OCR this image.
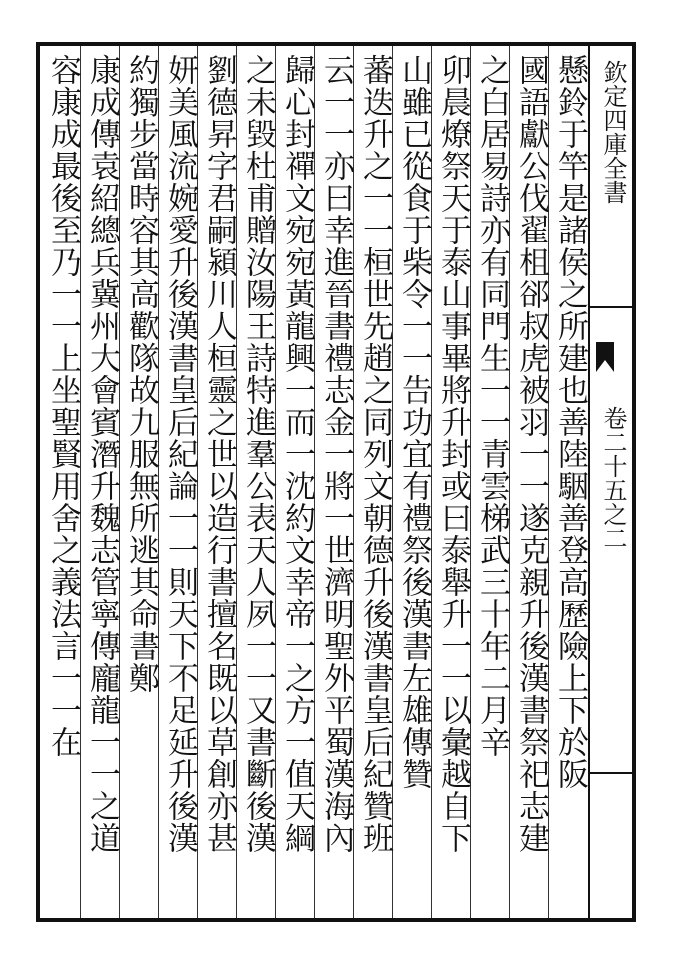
欽定四庫全書
卷二十五之二
懸鈴于竿是諸侯之所建也善陸駰善登高歷險上下於阪
國語獻公伐翟柤郤叔虎被羽一一遂克親升後漢書祭祀志建
之白居易詩亦有同門生一一青雲梯武三十年二月辛
卯晨燎祭天于泰山事畢將升封或曰泰舉升一一以彙越自下
山雖已從食于柴令一一告功宜有禮祭後漢書左雄傳贊
蕃迭升之一一桓世先趙之同列文朝德升後漢書皇后紀贊班
云一一亦曰幸進晉書禮志金一將一世濟明聖外平蜀漢海內
歸心封禪文宛宛黃龍興一而一沈約文幸帝一之方一值天綱
之未毀杜甫贈汝陽王詩特進羣公表天人夙一一又書斷後漢
劉德昇字君嗣潁川人桓靈之世以造行書擅名既以草創亦甚
妍美風流婉愛升後漢書皇后紀論一一則天下不足延升後漢
約獨步當時容其高歡隊故九服無所逃其命書鄭
康成傳袁紹總兵冀州大會賓潛升魏志管寧傳龐龍一一之道
容康成最後至乃一一上坐聖賢用舍之義法言一一在
